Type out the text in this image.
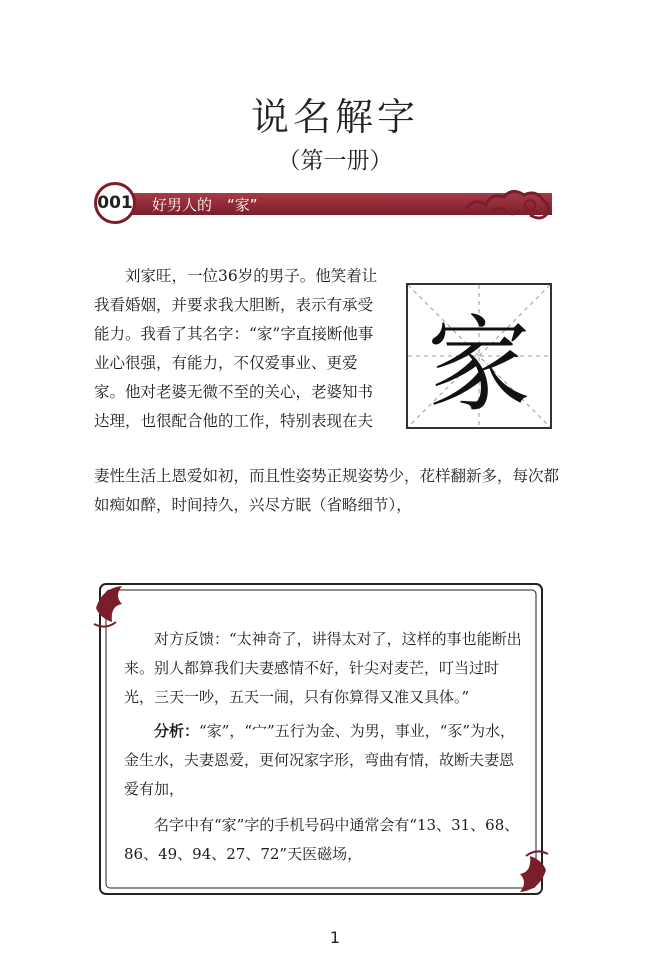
说名解字
（第一册）
001 好男人的　“家”
　　刘家旺，一位36岁的男子。他笑着让我看婚姻，并要求我大胆断，表示有承受能力。我看了其名字：“家”字直接断他事业心很强，有能力，不仅爱事业、更爱家。他对老婆无微不至的关心，老婆知书达理，也很配合他的工作，特别表现在夫 家
妻性生活上恩爱如初，而且性姿势正规姿势少，花样翻新多，每次都如痴如醉，时间持久，兴尽方眠（省略细节），
　　对方反馈：“太神奇了，讲得太对了，这样的事也能断出来。别人都算我们夫妻感情不好，针尖对麦芒，叮当过时光，三天一吵，五天一闹，只有你算得又准又具体。”
　　分析：“家”，“宀”五行为金、为男，事业，“豕”为水，金生水，夫妻恩爱，更何况家字形，弯曲有情，故断夫妻恩爱有加，
　　名字中有“家”字的手机号码中通常会有“13、31、68、86、49、94、27、72”天医磁场，
1
